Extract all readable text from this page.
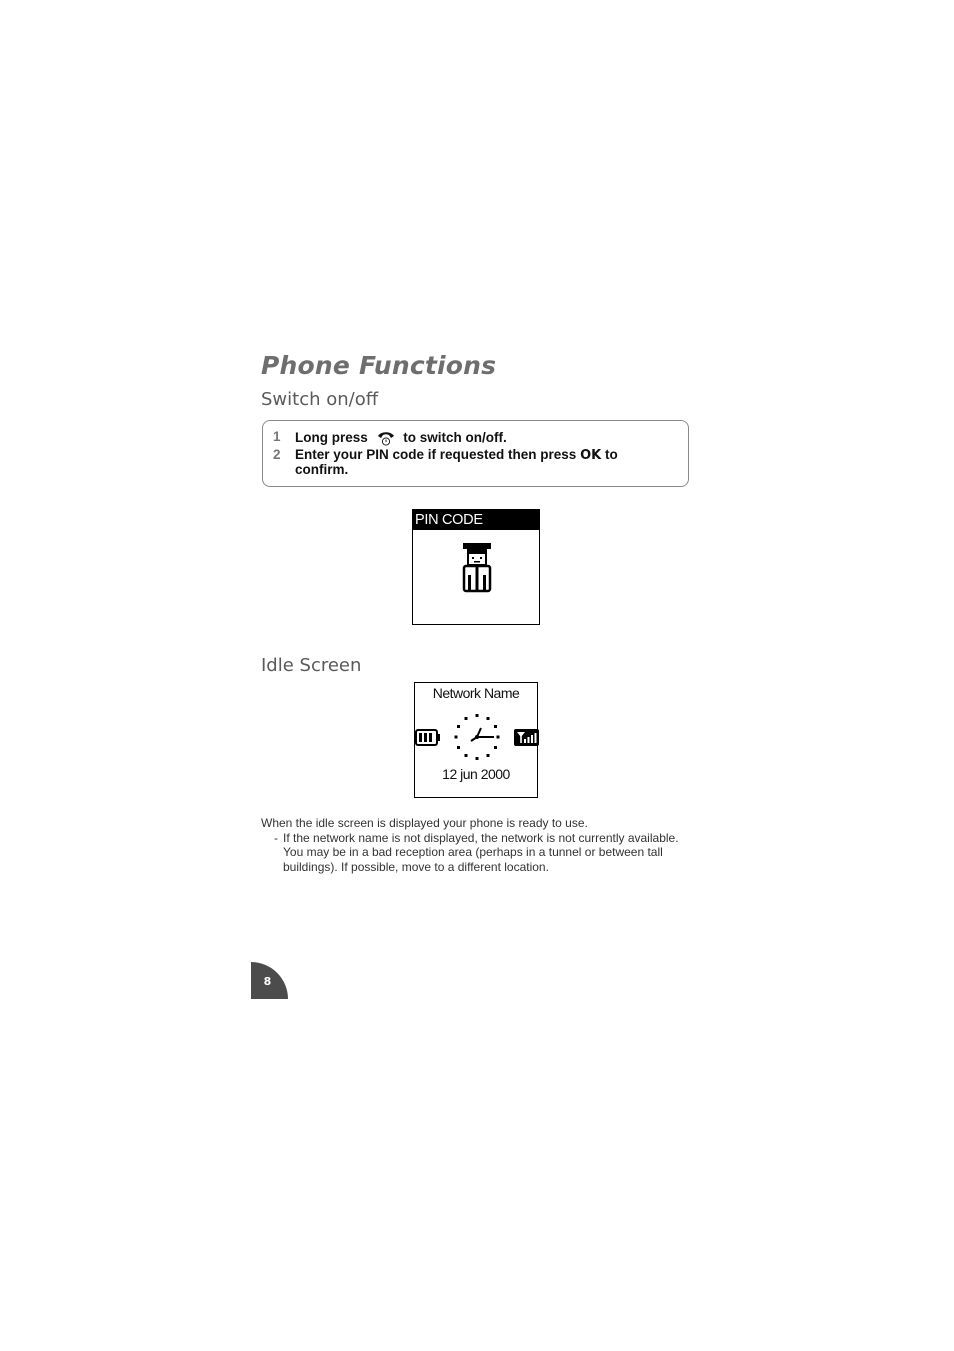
Phone Functions
Switch on/off
1 Long press	to switch on/off.
2 Enter your PIN code if requested then press OK to
confirm.
PIN CODE
Idle Screen
Network Name
12 jun 2000

When the idle screen is displayed your phone is ready to use.

- If the network name is not displayed, the network is not currently available. You may be in a bad reception area (perhaps in a tunnel or between tall buildings). If possible, move to a different location.

8
